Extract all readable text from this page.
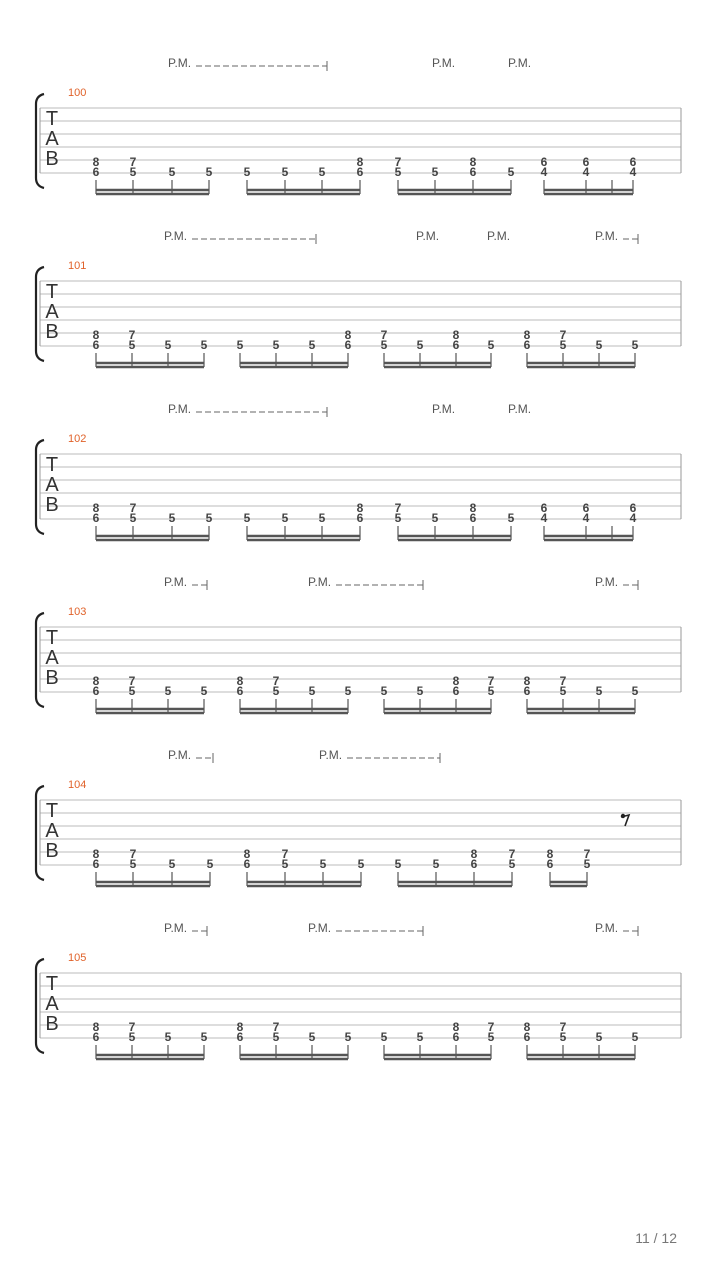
100
T
A
B
P.M.	P.M.	P.M.
8
6
7
5	5	5	5	5	5
8
6
7
5	5
8
6	5
6
4
6
4
6
4
101
T
A
B
P.M.	P.M.	P.M.	P.M.
8
6
7
5 5 5 5 5 5
8
6
7
5 5
8
6 5
8
6
7
5 5 5
102
T
A
B
P.M.	P.M.	P.M.
8
6
7
5	5	5	5	5	5
8
6
7
5	5
8
6	5
6
4
6
4
6
4
103
T
A
B
P.M.	P.M.	P.M.
8
6
7
5 5 5
8
6
7
5 5 5 5 5
8
6
7
5
8
6
7
5 5 5
104
T
A
B
P.M.	P.M.
8
6
7
5	5	5
8
6
7
5	5	5	5	5
8
6
7
5
8
6
7
5
105
T
A
B
P.M.	P.M.	P.M.
8
6
7
5 5 5
8
6
7
5 5 5 5 5
8
6
7
5
8
6
7
5 5 5
11 / 12
